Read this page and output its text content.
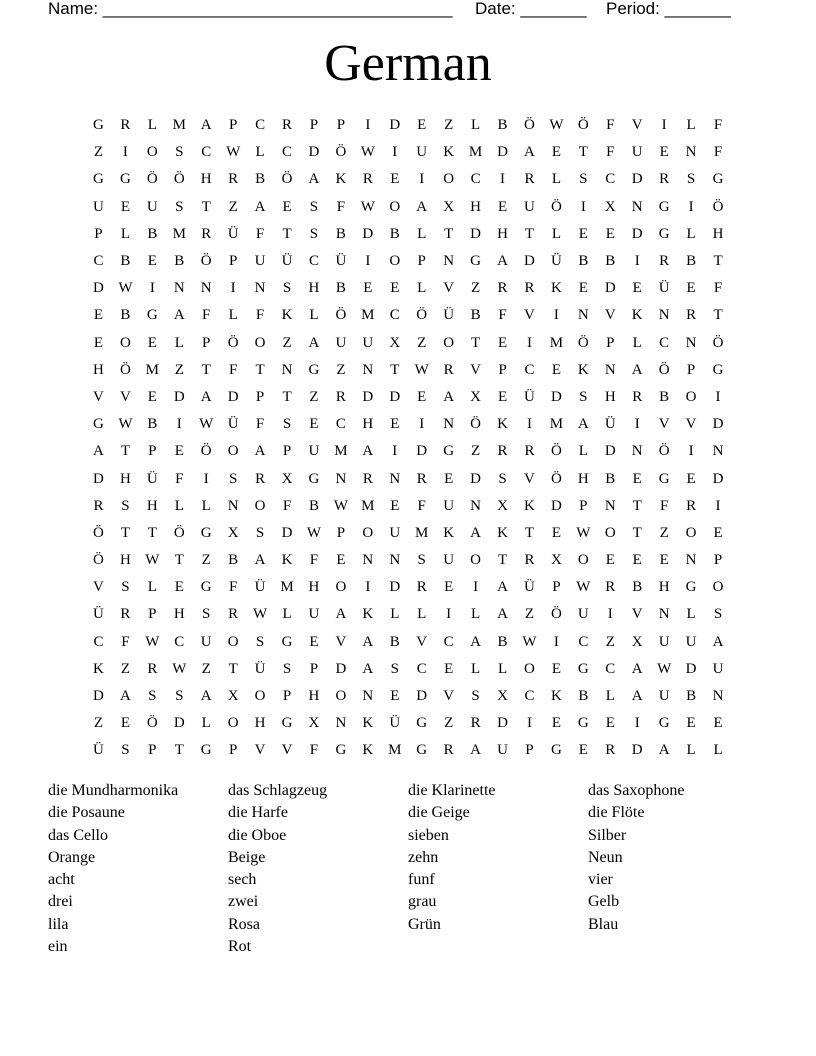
Name: _____________________________________ Date: _______ Period: _______
German
G	R	L	M A	P	C	R	P	P	I	D	E	Z	L	B	Ö W Ö	F	V	I	L	F
Z	I	O	S	C W	L	C	D	Ö W	I	U	K M D	A	E	T	F	U	E	N	F
G	G	Ö	Ö	H	R	B	Ö	A	K	R	E	I	O	C	I	R	L	S	C	D	R	S	G
U	E	U	S	T	Z	A	E	S	F	W O	A	X	H	E	U	Ö	I	X	N	G	I	Ö
P	L	B	M	R	Ü	F	T	S	B	D	B	L	T	D	H	T	L	E	E	D	G	L	H
C	B	E	B	Ö	P	U	Ü	C	Ü	I	O	P	N	G	A	D	Ü	B	B	I	R	B	T
D W	I	N	N	I	N	S	H	B	E	E	L	V	Z	R	R	K	E	D	E	Ü	E	F
E	B	G	A	F	L	F	K	L	Ö M	C	Ö	Ü	B	F	V	I	N	V	K	N	R	T
E	O	E	L	P	Ö	O	Z	A	U	U	X	Z	O	T	E	I	M Ö	P	L	C	N	Ö
H	Ö M	Z	T	F	T	N	G	Z	N	T	W R	V	P	C	E	K	N	A	Ö	P	G
V	V	E	D	A	D	P	T	Z	R	D	D	E	A	X	E	Ü	D	S	H	R	B	O	I
G W B	I	W Ü	F	S	E	C	H	E	I	N	Ö	K	I	M A	Ü	I	V	V	D
A	T	P	E	Ö	O	A	P	U M A	I	D	G	Z	R	R	Ö	L	D	N	Ö	I	N
D	H	Ü	F	I	S	R	X	G	N	R	N	R	E	D	S	V	Ö	H	B	E	G	E	D
R	S	H	L	L	N	O	F	B W M	E	F	U	N	X	K	D	P	N	T	F	R	I
Ö	T	T	Ö	G	X	S	D W	P	O	U M K	A	K	T	E	W O	T	Z	O	E
Ö	H W	T	Z	B	A	K	F	E	N	N	S	U	O	T	R	X	O	E	E	E	N	P
V	S	L	E	G	F	Ü M H	O	I	D	R	E	I	A	Ü	P	W R	B	H	G	O
Ü	R	P	H	S	R W	L	U	A	K	L	L	I	L	A	Z	Ö	U	I	V	N	L	S
C	F	W C	U	O	S	G	E	V	A	B	V	C	A	B W	I	C	Z	X	U	U	A
K	Z	R W	Z	T	Ü	S	P	D	A	S	C	E	L	L	O	E	G	C	A W D	U
D	A	S	S	A	X	O	P	H	O	N	E	D	V	S	X	C	K	B	L	A	U	B	N
Z	E	Ö	D	L	O	H	G	X	N	K	Ü	G	Z	R	D	I	E	G	E	I	G	E	E
Ü	S	P	T	G	P	V	V	F	G	K M G	R	A	U	P	G	E	R	D	A	L	L
die Mundharmonika	das Schlagzeug	die Klarinette	das Saxophone
die Posaune	die Harfe	die Geige	die Flöte
das Cello	die Oboe	sieben	Silber
Orange	Beige	zehn	Neun
acht	sech	funf	vier
drei	zwei	grau	Gelb
lila	Rosa	Grün	Blau
ein	Rot
